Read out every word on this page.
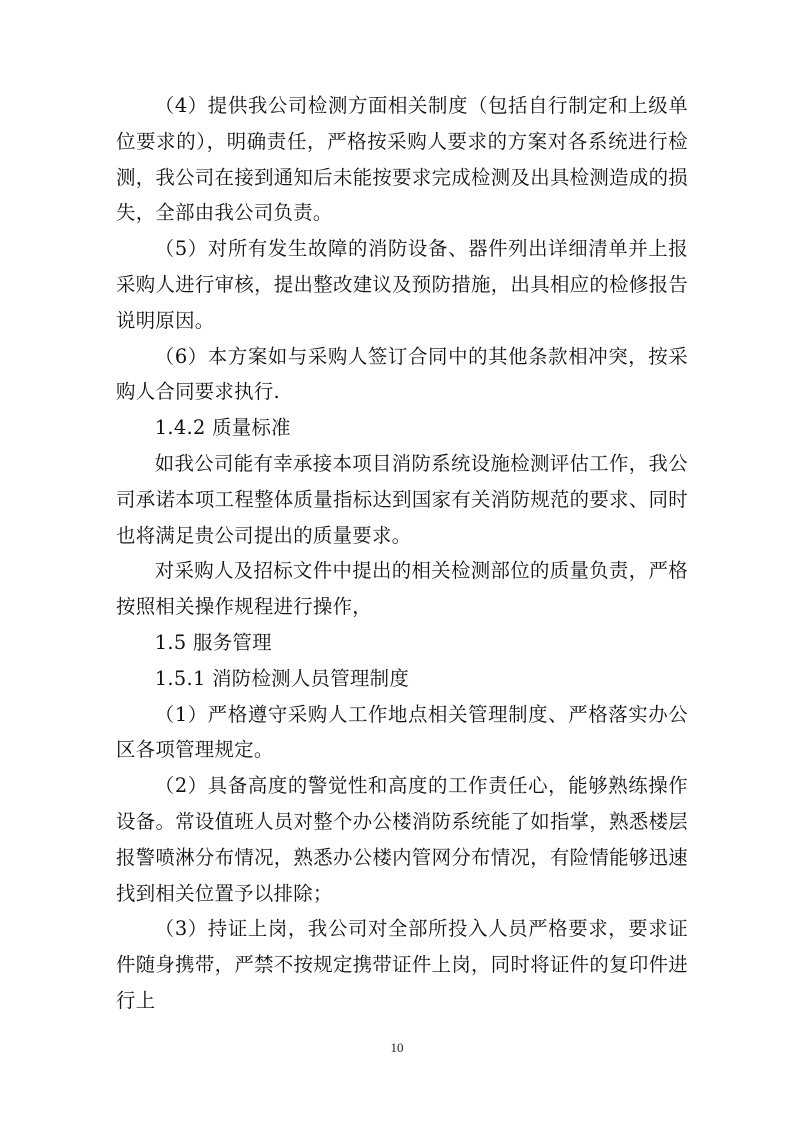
（4）提供我公司检测方面相关制度（包括自行制定和上级单位要求的），明确责任，严格按采购人要求的方案对各系统进行检测，我公司在接到通知后未能按要求完成检测及出具检测造成的损失，全部由我公司负责。

（5）对所有发生故障的消防设备、器件列出详细清单并上报采购人进行审核，提出整改建议及预防措施，出具相应的检修报告说明原因。

（6）本方案如与采购人签订合同中的其他条款相冲突，按采购人合同要求执行.

1.4.2 质量标准

如我公司能有幸承接本项目消防系统设施检测评估工作，我公司承诺本项工程整体质量指标达到国家有关消防规范的要求、同时也将满足贵公司提出的质量要求。

对采购人及招标文件中提出的相关检测部位的质量负责，严格按照相关操作规程进行操作，

1.5 服务管理

1.5.1 消防检测人员管理制度

（1）严格遵守采购人工作地点相关管理制度、严格落实办公区各项管理规定。

（2）具备高度的警觉性和高度的工作责任心，能够熟练操作设备。常设值班人员对整个办公楼消防系统能了如指掌，熟悉楼层报警喷淋分布情况，熟悉办公楼内管网分布情况，有险情能够迅速找到相关位置予以排除；

（3）持证上岗，我公司对全部所投入人员严格要求，要求证件随身携带，严禁不按规定携带证件上岗，同时将证件的复印件进行上

10
